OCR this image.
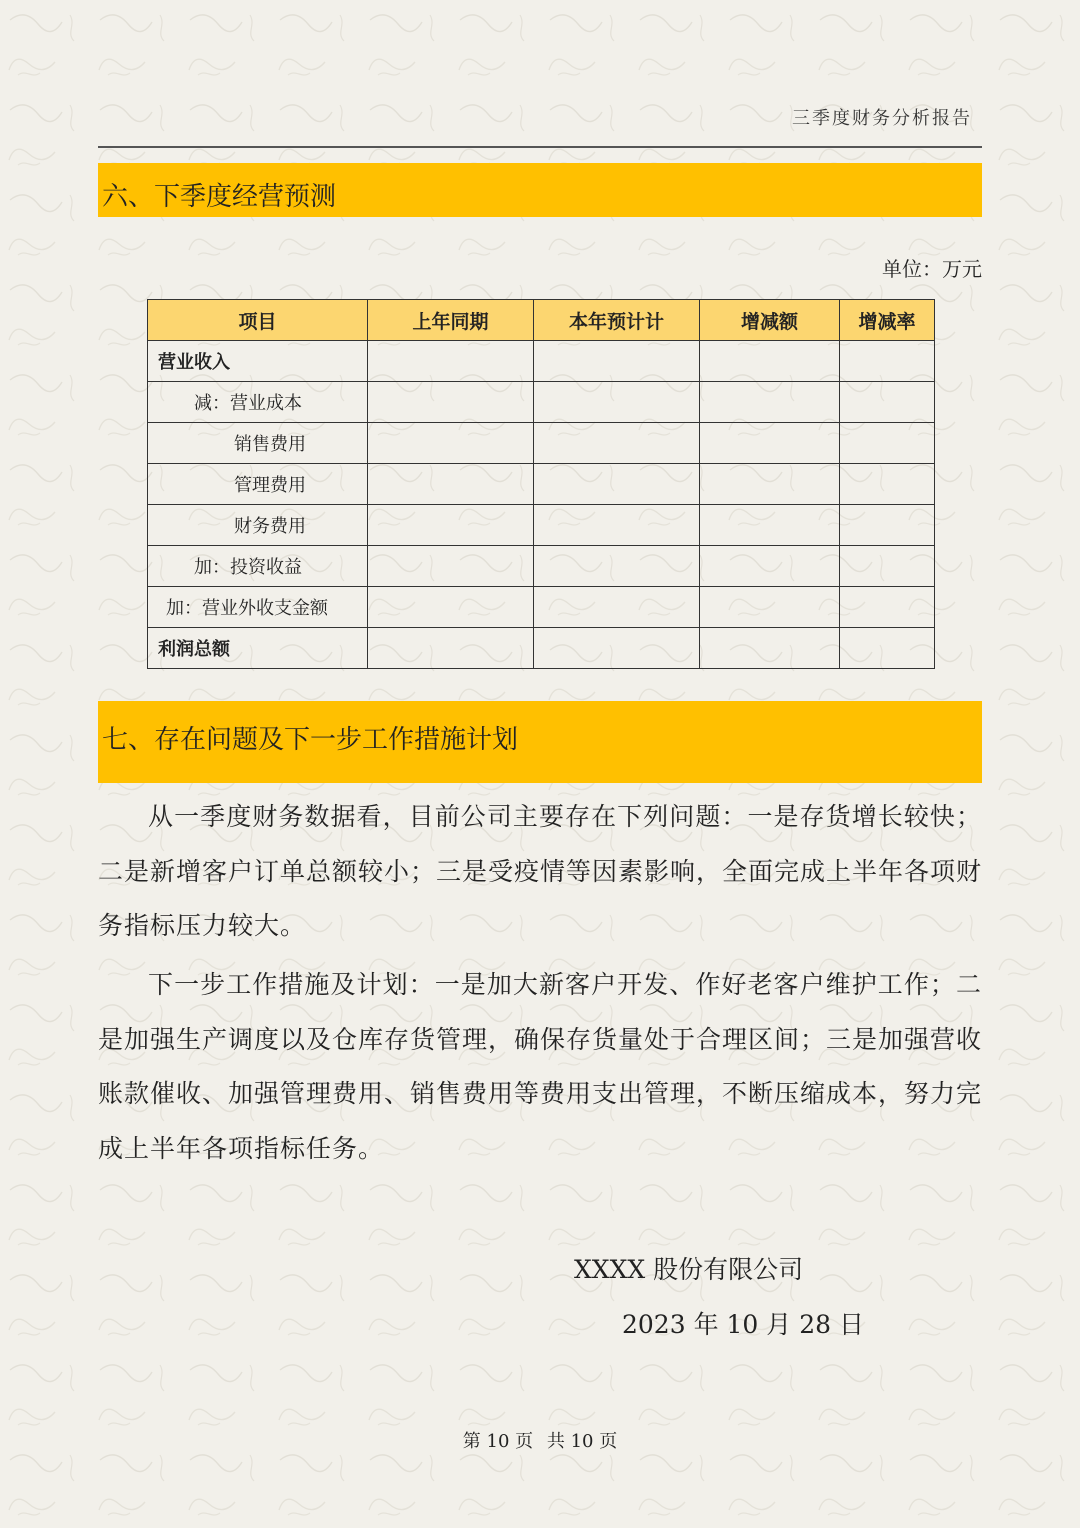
三季度财务分析报告
六、下季度经营预测
单位：万元
项目	上年同期	本年预计计	增减额	增减率
营业收入				
减：营业成本				
销售费用				
管理费用				
财务费用				
加：投资收益				
加：营业外收支金额				
利润总额				
七、存在问题及下一步工作措施计划

从一季度财务数据看，目前公司主要存在下列问题：一是存货增长较快；二是新增客户订单总额较小；三是受疫情等因素影响，全面完成上半年各项财务指标压力较大。

下一步工作措施及计划：一是加大新客户开发、作好老客户维护工作；二是加强生产调度以及仓库存货管理，确保存货量处于合理区间；三是加强营收账款催收、加强管理费用、销售费用等费用支出管理，不断压缩成本，努力完成上半年各项指标任务。

XXXX 股份有限公司
2023 年 10 月 28 日
第 10 页 共 10 页
